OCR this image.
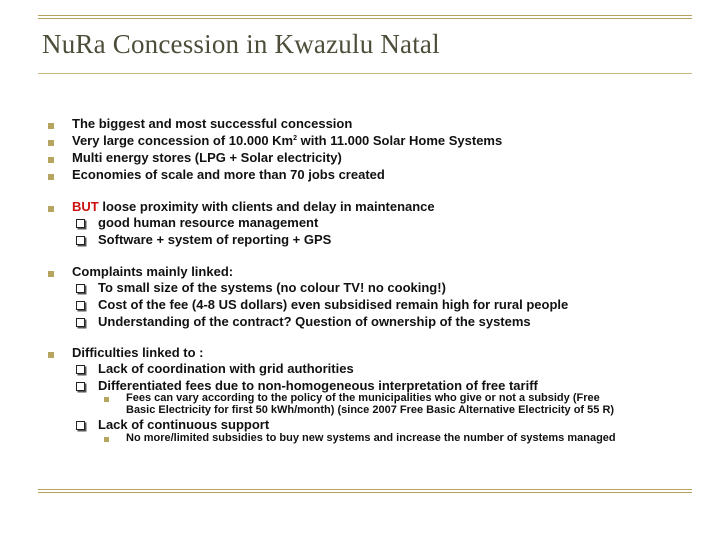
NuRa Concession in Kwazulu Natal
The biggest and most successful concession
Very large concession of 10.000 Km$^2$ with 11.000 Solar Home Systems
Multi energy stores (LPG + Solar electricity)
Economies of scale and more than 70 jobs created
BUT loose proximity with clients and delay in maintenance
good human resource management
Software + system of reporting + GPS
Complaints mainly linked:
To small size of the systems (no colour TV! no cooking!)
Cost of the fee (4-8 US dollars) even subsidised remain high for rural people
Understanding of the contract? Question of ownership of the systems
Difficulties linked to :
Lack of coordination with grid authorities
Differentiated fees due to non-homogeneous interpretation of free tariff
Fees can vary according to the policy of the municipalities who give or not a subsidy (Free
Basic Electricity for first 50 kWh/month) (since 2007 Free Basic Alternative Electricity of 55 R)
Lack of continuous support
No more/limited subsidies to buy new systems and increase the number of systems managed
